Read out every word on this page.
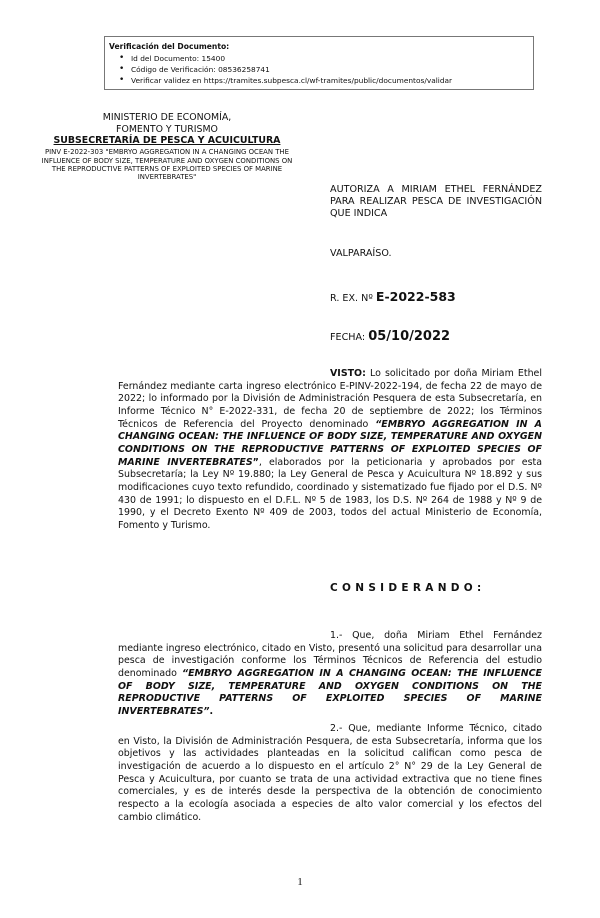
Verificación del Documento:
• Id del Documento: 15400
• Código de Verificación: 08536258741
• Verificar validez en https://tramites.subpesca.cl/wf-tramites/public/documentos/validar
MINISTERIO DE ECONOMÍA,
FOMENTO Y TURISMO
SUBSECRETARÍA DE PESCA Y ACUICULTURA
PINV E-2022-303 "EMBRYO AGGREGATION IN A CHANGING OCEAN THE INFLUENCE OF BODY SIZE, TEMPERATURE AND OXYGEN CONDITIONS ON THE REPRODUCTIVE PATTERNS OF EXPLOITED SPECIES OF MARINE INVERTEBRATES"
AUTORIZA A MIRIAM ETHEL FERNÁNDEZ PARA REALIZAR PESCA DE INVESTIGACIÓN QUE INDICA
VALPARAÍSO.
R. EX. Nº E-2022-583
FECHA: 05/10/2022
VISTO: Lo solicitado por doña Miriam Ethel Fernández mediante carta ingreso electrónico E-PINV-2022-194, de fecha 22 de mayo de 2022; lo informado por la División de Administración Pesquera de esta Subsecretaría, en Informe Técnico N° E-2022-331, de fecha 20 de septiembre de 2022; los Términos Técnicos de Referencia del Proyecto denominado “EMBRYO AGGREGATION IN A CHANGING OCEAN: THE INFLUENCE OF BODY SIZE, TEMPERATURE AND OXYGEN CONDITIONS ON THE REPRODUCTIVE PATTERNS OF EXPLOITED SPECIES OF MARINE INVERTEBRATES”, elaborados por la peticionaria y aprobados por esta Subsecretaría; la Ley Nº 19.880; la Ley General de Pesca y Acuicultura Nº 18.892 y sus modificaciones cuyo texto refundido, coordinado y sistematizado fue fijado por el D.S. Nº 430 de 1991; lo dispuesto en el D.F.L. Nº 5 de 1983, los D.S. Nº 264 de 1988 y Nº 9 de 1990, y el Decreto Exento Nº 409 de 2003, todos del actual Ministerio de Economía, Fomento y Turismo.
CONSIDERANDO:
1.- Que, doña Miriam Ethel Fernández mediante ingreso electrónico, citado en Visto, presentó una solicitud para desarrollar una pesca de investigación conforme los Términos Técnicos de Referencia del estudio denominado “EMBRYO AGGREGATION IN A CHANGING OCEAN: THE INFLUENCE OF BODY SIZE, TEMPERATURE AND OXYGEN CONDITIONS ON THE REPRODUCTIVE PATTERNS OF EXPLOITED SPECIES OF MARINE INVERTEBRATES”.
2.- Que, mediante Informe Técnico, citado en Visto, la División de Administración Pesquera, de esta Subsecretaría, informa que los objetivos y las actividades planteadas en la solicitud califican como pesca de investigación de acuerdo a lo dispuesto en el artículo 2° N° 29 de la Ley General de Pesca y Acuicultura, por cuanto se trata de una actividad extractiva que no tiene fines comerciales, y es de interés desde la perspectiva de la obtención de conocimiento respecto a la ecología asociada a especies de alto valor comercial y los efectos del cambio climático.
1
